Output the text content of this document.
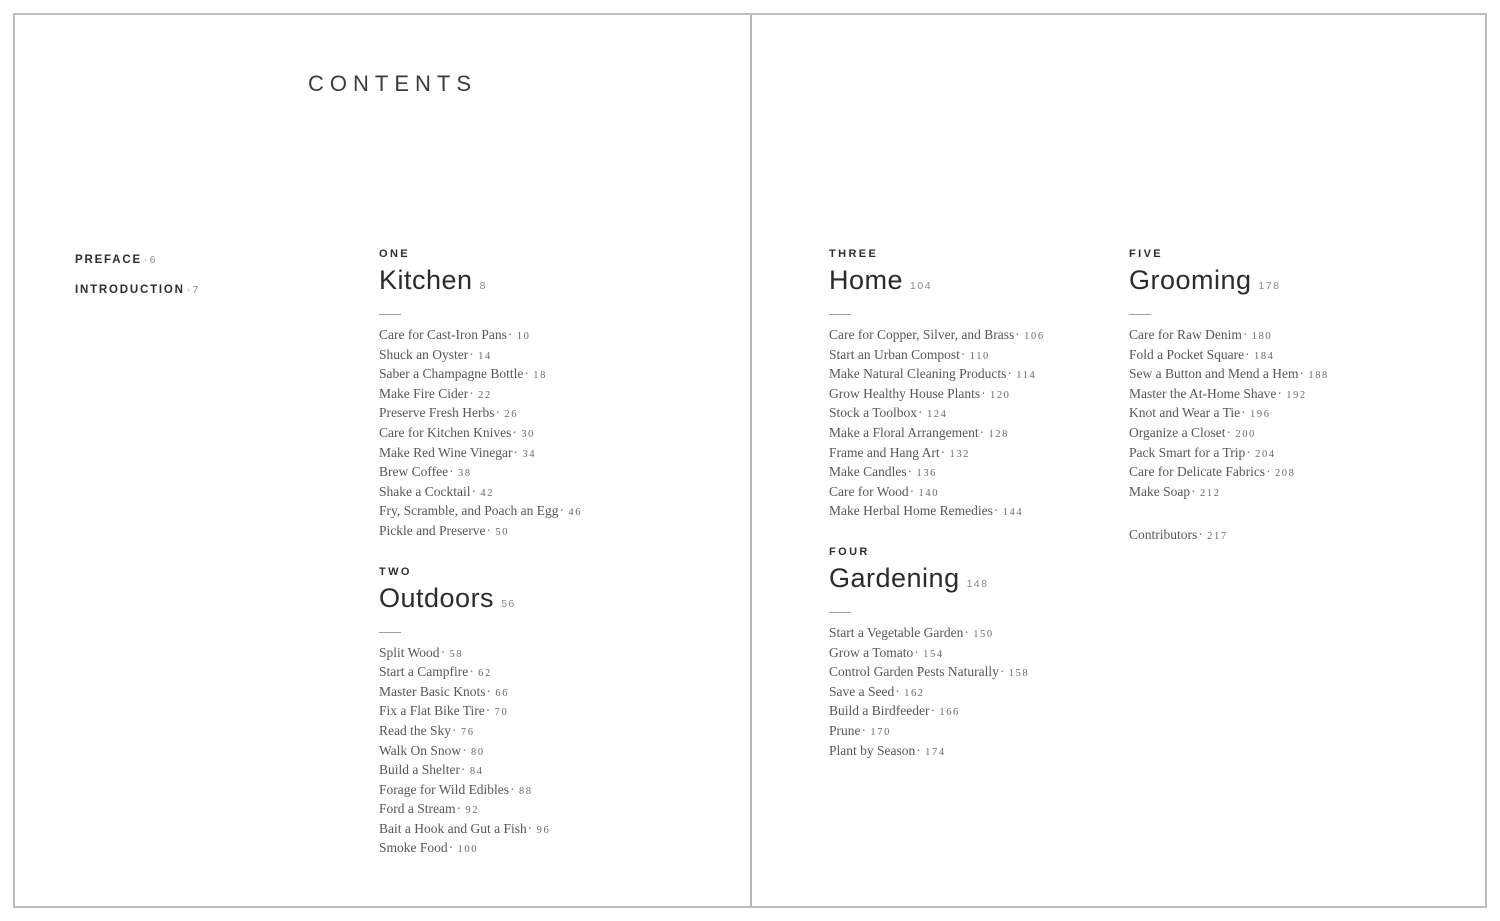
CONTENTS
PREFACE · 6
INTRODUCTION · 7
ONE
Kitchen 8
Care for Cast-Iron Pans· 10
Shuck an Oyster· 14
Saber a Champagne Bottle· 18
Make Fire Cider· 22
Preserve Fresh Herbs· 26
Care for Kitchen Knives· 30
Make Red Wine Vinegar· 34
Brew Coffee· 38
Shake a Cocktail· 42
Fry, Scramble, and Poach an Egg· 46
Pickle and Preserve· 50
TWO
Outdoors 56
Split Wood· 58
Start a Campfire· 62
Master Basic Knots· 66
Fix a Flat Bike Tire· 70
Read the Sky· 76
Walk On Snow· 80
Build a Shelter· 84
Forage for Wild Edibles· 88
Ford a Stream· 92
Bait a Hook and Gut a Fish· 96
Smoke Food· 100
THREE
Home 104
Care for Copper, Silver, and Brass· 106
Start an Urban Compost· 110
Make Natural Cleaning Products· 114
Grow Healthy House Plants· 120
Stock a Toolbox· 124
Make a Floral Arrangement· 128
Frame and Hang Art· 132
Make Candles· 136
Care for Wood· 140
Make Herbal Home Remedies· 144
FOUR
Gardening 148
Start a Vegetable Garden· 150
Grow a Tomato· 154
Control Garden Pests Naturally· 158
Save a Seed· 162
Build a Birdfeeder· 166
Prune· 170
Plant by Season· 174
FIVE
Grooming 178
Care for Raw Denim· 180
Fold a Pocket Square· 184
Sew a Button and Mend a Hem· 188
Master the At-Home Shave· 192
Knot and Wear a Tie· 196
Organize a Closet· 200
Pack Smart for a Trip· 204
Care for Delicate Fabrics· 208
Make Soap· 212
Contributors· 217
